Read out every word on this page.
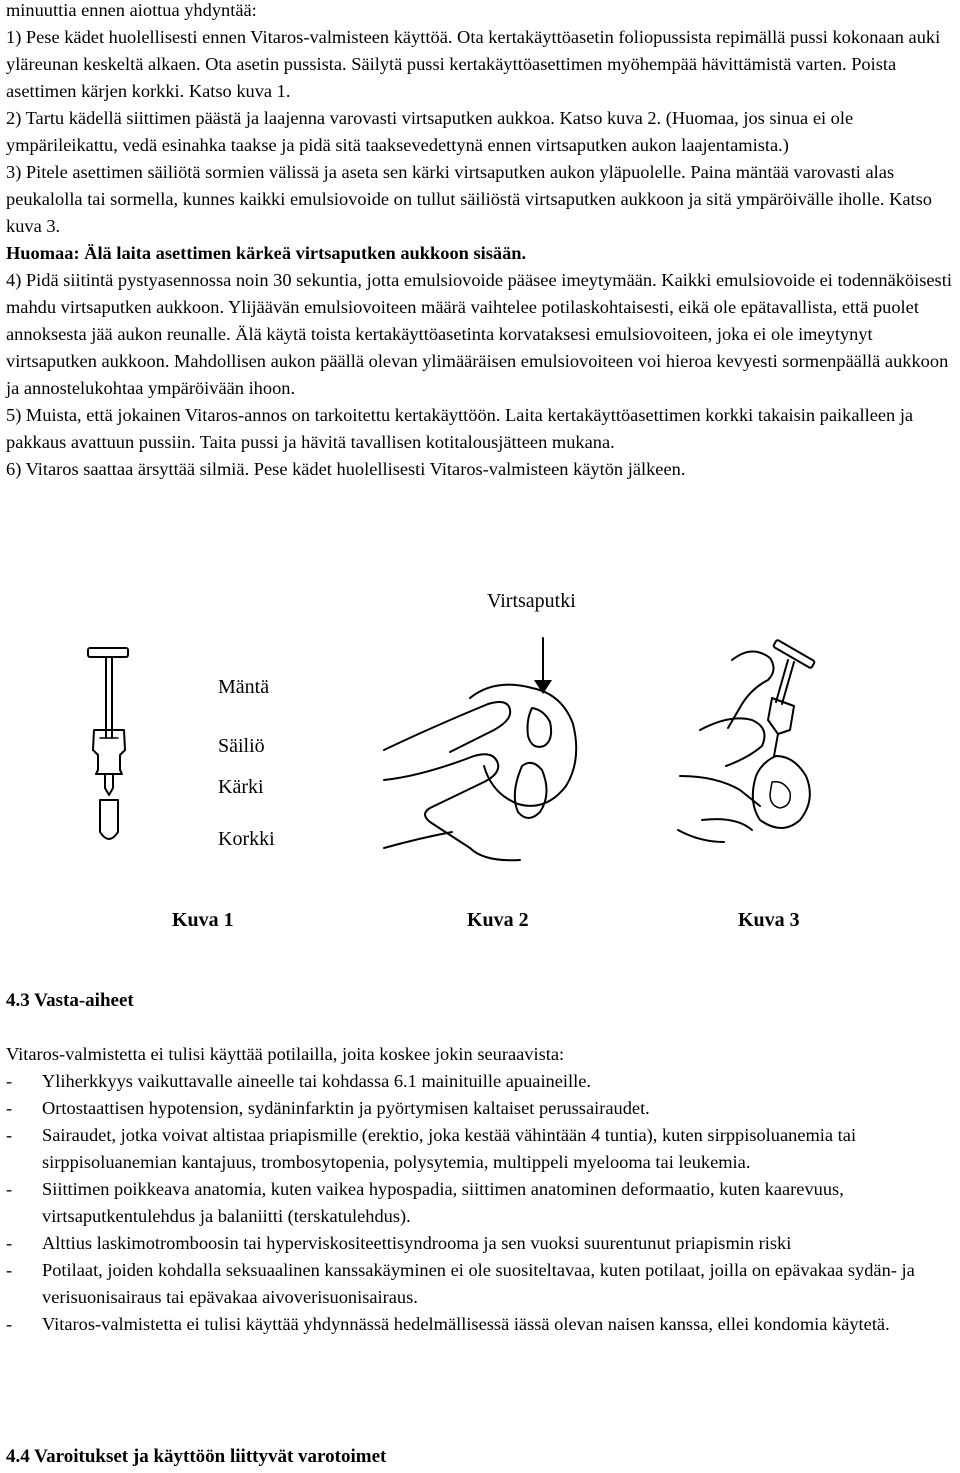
minuuttia ennen aiottua yhdyntää:

1) Pese kädet huolellisesti ennen Vitaros-valmisteen käyttöä. Ota kertakäyttöasetin foliopussista repimällä pussi kokonaan auki yläreunan keskeltä alkaen. Ota asetin pussista. Säilytä pussi kertakäyttöasettimen myöhempää hävittämistä varten. Poista asettimen kärjen korkki. Katso kuva 1.

2) Tartu kädellä siittimen päästä ja laajenna varovasti virtsaputken aukkoa. Katso kuva 2. (Huomaa, jos sinua ei ole ympärileikattu, vedä esinahka taakse ja pidä sitä taaksevedettynä ennen virtsaputken aukon laajentamista.)

3) Pitele asettimen säiliötä sormien välissä ja aseta sen kärki virtsaputken aukon yläpuolelle. Paina mäntää varovasti alas peukalolla tai sormella, kunnes kaikki emulsiovoide on tullut säiliöstä virtsaputken aukkoon ja sitä ympäröivälle iholle. Katso kuva 3.

Huomaa: Älä laita asettimen kärkeä virtsaputken aukkoon sisään.

4) Pidä siitintä pystyasennossa noin 30 sekuntia, jotta emulsiovoide pääsee imeytymään. Kaikki emulsiovoide ei todennäköisesti mahdu virtsaputken aukkoon. Ylijäävän emulsiovoiteen määrä vaihtelee potilaskohtaisesti, eikä ole epätavallista, että puolet annoksesta jää aukon reunalle. Älä käytä toista kertakäyttöasetinta korvataksesi emulsiovoiteen, joka ei ole imeytynyt virtsaputken aukkoon. Mahdollisen aukon päällä olevan ylimääräisen emulsiovoiteen voi hieroa kevyesti sormenpäällä aukkoon ja annostelukohtaa ympäröivään ihoon.

5) Muista, että jokainen Vitaros-annos on tarkoitettu kertakäyttöön. Laita kertakäyttöasettimen korkki takaisin paikalleen ja pakkaus avattuun pussiin. Taita pussi ja hävitä tavallisen kotitalousjätteen mukana.

6) Vitaros saattaa ärsyttää silmiä. Pese kädet huolellisesti Vitaros-valmisteen käytön jälkeen.

Virtsaputki
Mäntä
Säiliö
Kärki
Korkki
Kuva 1	Kuva 2	Kuva 3
4.3 Vasta-aiheet

Vitaros-valmistetta ei tulisi käyttää potilailla, joita koskee jokin seuraavista:

- Yliherkkyys vaikuttavalle aineelle tai kohdassa 6.1 mainituille apuaineille.
- Ortostaattisen hypotension, sydäninfarktin ja pyörtymisen kaltaiset perussairaudet.
- Sairaudet, jotka voivat altistaa priapismille (erektio, joka kestää vähintään 4 tuntia), kuten sirppisoluanemia tai sirppisoluanemian kantajuus, trombosytopenia, polysytemia, multippeli myelooma tai leukemia.
- Siittimen poikkeava anatomia, kuten vaikea hypospadia, siittimen anatominen deformaatio, kuten kaarevuus, virtsaputkentulehdus ja balaniitti (terskatulehdus).
- Alttius laskimotromboosin tai hyperviskositeettisyndrooma ja sen vuoksi suurentunut priapismin riski
- Potilaat, joiden kohdalla seksuaalinen kanssakäyminen ei ole suositeltavaa, kuten potilaat, joilla on epävakaa sydän- ja verisuonisairaus tai epävakaa aivoverisuonisairaus.
- Vitaros-valmistetta ei tulisi käyttää yhdynnässä hedelmällisessä iässä olevan naisen kanssa, ellei kondomia käytetä.
4.4 Varoitukset ja käyttöön liittyvät varotoimet
